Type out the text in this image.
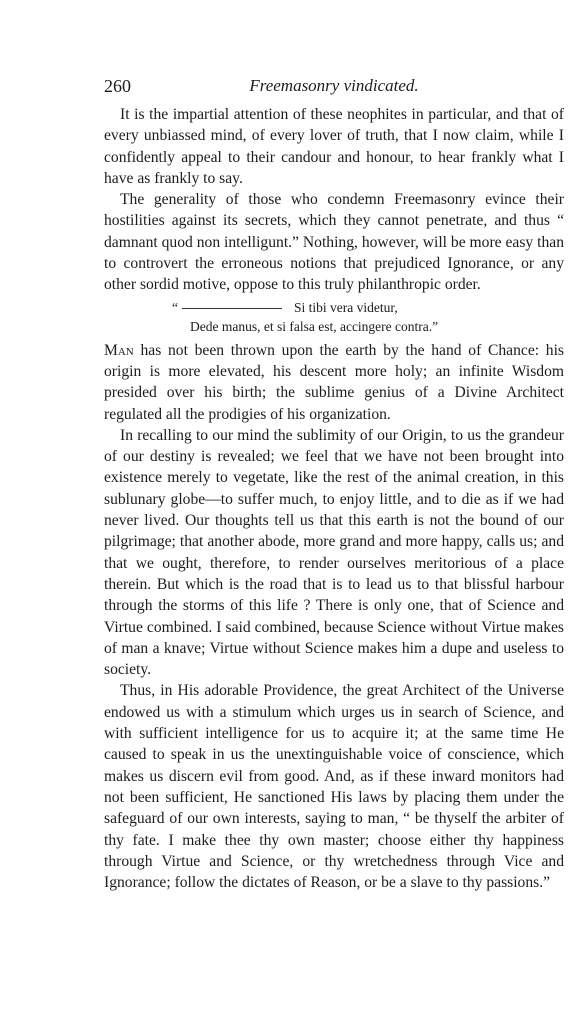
260	Freemasonry vindicated.

It is the impartial attention of these neophites in particular, and that of every unbiassed mind, of every lover of truth, that I now claim, while I confidently appeal to their candour and honour, to hear frankly what I have as frankly to say.

The generality of those who condemn Freemasonry evince their hostilities against its secrets, which they cannot penetrate, and thus “ damnant quod non intelligunt.” Nothing, however, will be more easy than to controvert the erroneous notions that prejudiced Ignorance, or any other sordid motive, oppose to this truly philanthropic order.

“	Si tibi vera videtur,
Dede manus, et si falsa est, accingere contra.”

Man has not been thrown upon the earth by the hand of Chance: his origin is more elevated, his descent more holy; an infinite Wisdom presided over his birth; the sublime genius of a Divine Architect regulated all the prodigies of his organization.

In recalling to our mind the sublimity of our Origin, to us the grandeur of our destiny is revealed; we feel that we have not been brought into existence merely to vegetate, like the rest of the animal creation, in this sublunary globe—to suffer much, to enjoy little, and to die as if we had never lived. Our thoughts tell us that this earth is not the bound of our pilgrimage; that another abode, more grand and more happy, calls us; and that we ought, therefore, to render ourselves meritorious of a place therein. But which is the road that is to lead us to that blissful harbour through the storms of this life ? There is only one, that of Science and Virtue combined. I said combined, because Science without Virtue makes of man a knave; Virtue without Science makes him a dupe and useless to society.

Thus, in His adorable Providence, the great Architect of the Universe endowed us with a stimulum which urges us in search of Science, and with sufficient intelligence for us to acquire it; at the same time He caused to speak in us the unextinguishable voice of conscience, which makes us discern evil from good. And, as if these inward monitors had not been sufficient, He sanctioned His laws by placing them under the safeguard of our own interests, saying to man, “ be thyself the arbiter of thy fate. I make thee thy own master; choose either thy happiness through Virtue and Science, or thy wretchedness through Vice and Ignorance; follow the dictates of Reason, or be a slave to thy passions.”
